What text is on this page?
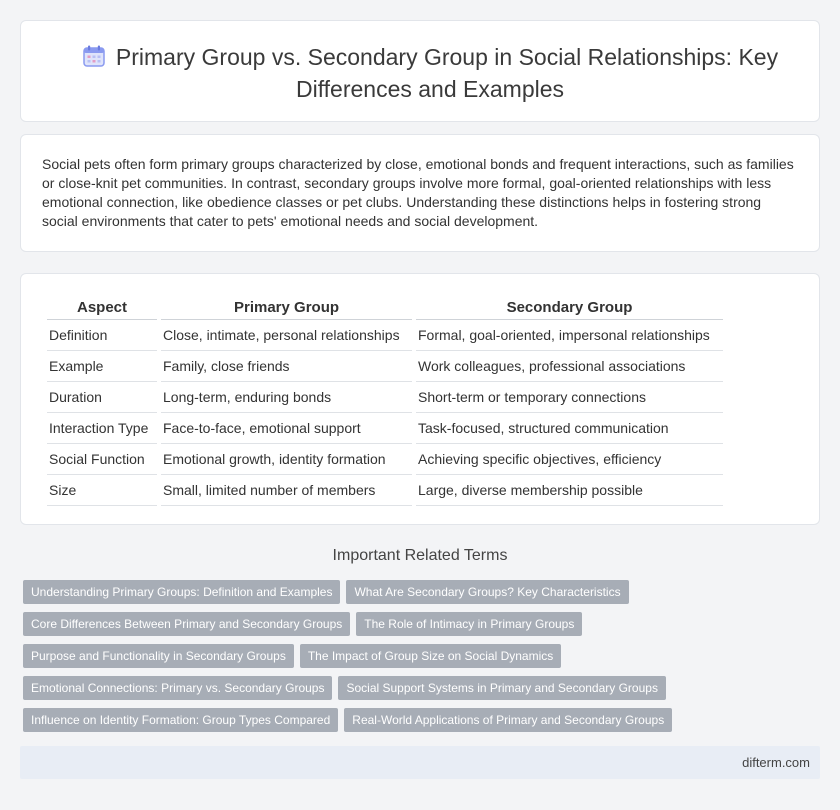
Primary Group vs. Secondary Group in Social Relationships: Key Differences and Examples

Social pets often form primary groups characterized by close, emotional bonds and frequent interactions, such as families or close-knit pet communities. In contrast, secondary groups involve more formal, goal-oriented relationships with less emotional connection, like obedience classes or pet clubs. Understanding these distinctions helps in fostering strong social environments that cater to pets' emotional needs and social development.

Aspect	Primary Group	Secondary Group
Definition	Close, intimate, personal relationships	Formal, goal-oriented, impersonal relationships
Example	Family, close friends	Work colleagues, professional associations
Duration	Long-term, enduring bonds	Short-term or temporary connections
Interaction Type	Face-to-face, emotional support	Task-focused, structured communication
Social Function	Emotional growth, identity formation	Achieving specific objectives, efficiency
Size	Small, limited number of members	Large, diverse membership possible
Important Related Terms
Understanding Primary Groups: Definition and Examples What Are Secondary Groups? Key Characteristics
Core Differences Between Primary and Secondary Groups The Role of Intimacy in Primary Groups
Purpose and Functionality in Secondary Groups The Impact of Group Size on Social Dynamics
Emotional Connections: Primary vs. Secondary Groups Social Support Systems in Primary and Secondary Groups
Influence on Identity Formation: Group Types Compared Real-World Applications of Primary and Secondary Groups
difterm.com
